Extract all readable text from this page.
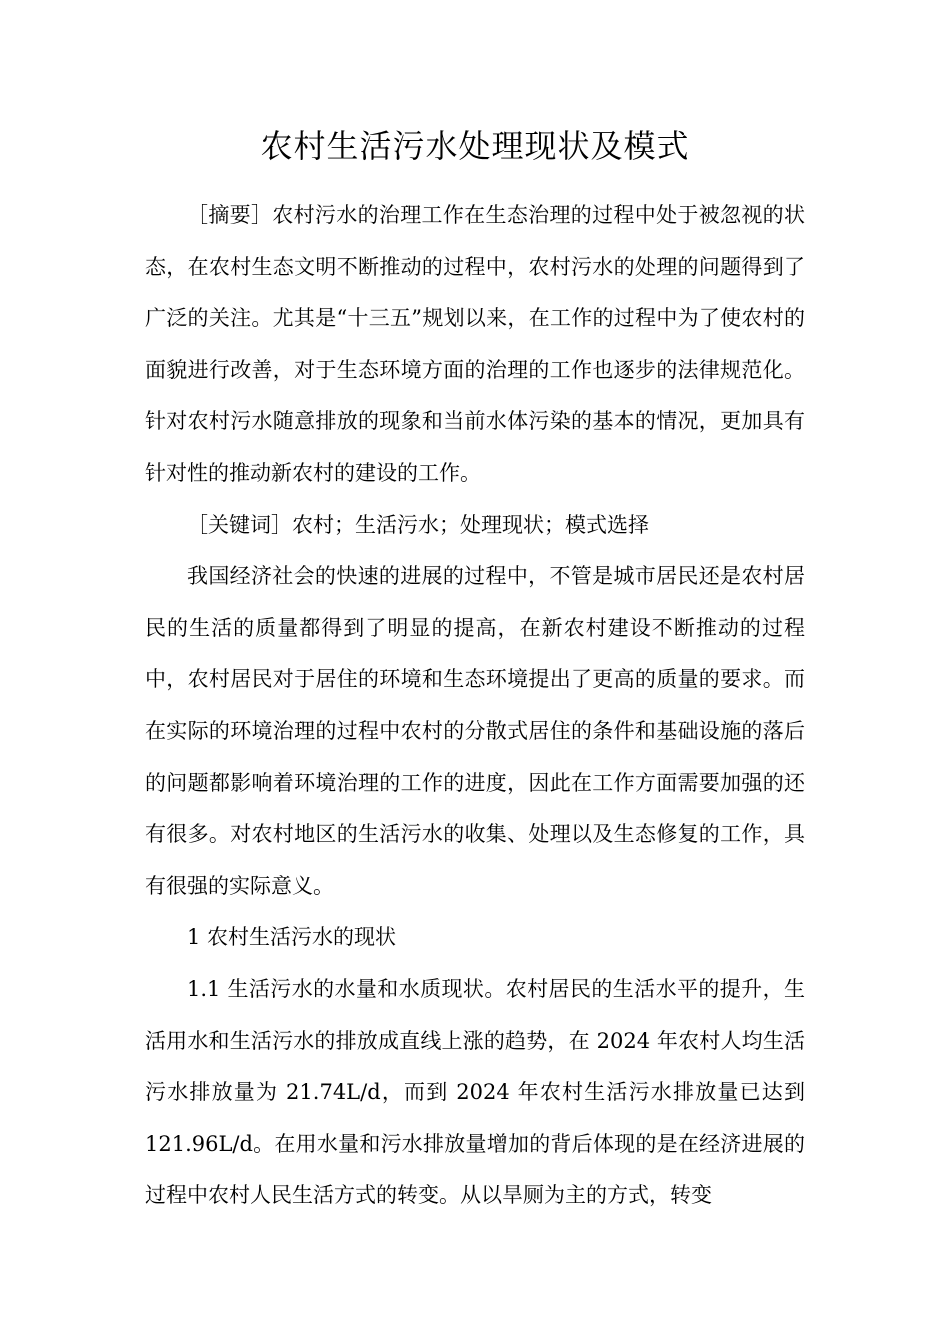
农村生活污水处理现状及模式

［摘要］农村污水的治理工作在生态治理的过程中处于被忽视的状态，在农村生态文明不断推动的过程中，农村污水的处理的问题得到了广泛的关注。尤其是“十三五”规划以来，在工作的过程中为了使农村的面貌进行改善，对于生态环境方面的治理的工作也逐步的法律规范化。针对农村污水随意排放的现象和当前水体污染的基本的情况，更加具有针对性的推动新农村的建设的工作。

［关键词］农村；生活污水；处理现状；模式选择

我国经济社会的快速的进展的过程中，不管是城市居民还是农村居民的生活的质量都得到了明显的提高，在新农村建设不断推动的过程中，农村居民对于居住的环境和生态环境提出了更高的质量的要求。而在实际的环境治理的过程中农村的分散式居住的条件和基础设施的落后的问题都影响着环境治理的工作的进度，因此在工作方面需要加强的还有很多。对农村地区的生活污水的收集、处理以及生态修复的工作，具有很强的实际意义。

1 农村生活污水的现状

1.1 生活污水的水量和水质现状。农村居民的生活水平的提升，生活用水和生活污水的排放成直线上涨的趋势，在 2024 年农村人均生活污水排放量为 21.74L/d，而到 2024 年农村生活污水排放量已达到 121.96L/d。在用水量和污水排放量增加的背后体现的是在经济进展的过程中农村人民生活方式的转变。从以旱厕为主的方式，转变
